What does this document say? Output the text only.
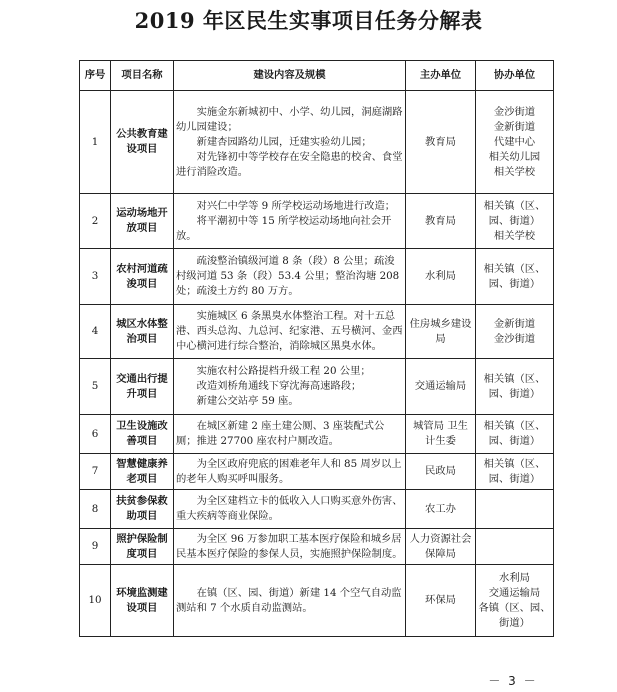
2019 年区民生实事项目任务分解表
序号	项目名称	建设内容及规模	主办单位	协办单位
1	公共教育建设项目	实施金东新城初中、小学、幼儿园，洞庭湖路幼儿园建设；
新建杏园路幼儿园，迁建实验幼儿园；
对先锋初中等学校存在安全隐患的校舍、食堂进行消险改造。	教育局	金沙街道
金新街道
代建中心
相关幼儿园
相关学校

2	运动场地开放项目	对兴仁中学等 9 所学校运动场地进行改造；
将平潮初中等 15 所学校运动场地向社会开放。	教育局	相关镇（区、园、街道）
相关学校

3	农村河道疏浚项目	疏浚整治镇级河道 8 条（段）8 公里；疏浚村级河道 53 条（段）53.4 公里；整治沟塘 208 处；疏浚土方约 80 万方。	水利局	相关镇（区、园、街道）

4	城区水体整治项目	实施城区 6 条黑臭水体整治工程。对十五总港、西头总沟、九总河、纪家港、五号横河、金西中心横河进行综合整治，消除城区黑臭水体。	住房城乡建设局	金新街道
金沙街道

5	交通出行提升项目	实施农村公路提档升级工程 20 公里；
改造刘桥角通线下穿沈海高速路段；
新建公交站亭 59 座。	交通运输局	相关镇（区、园、街道）

6	卫生设施改善项目	在城区新建 2 座土建公厕、3 座装配式公厕；推进 27700 座农村户厕改造。	城管局 卫生计生委	相关镇（区、园、街道）

7	智慧健康养老项目	为全区政府兜底的困难老年人和 85 周岁以上的老年人购买呼叫服务。	民政局	相关镇（区、园、街道）

8	扶贫参保救助项目	为全区建档立卡的低收入人口购买意外伤害、重大疾病等商业保险。	农工办	
9	照护保险制度项目	为全区 96 万参加职工基本医疗保险和城乡居民基本医疗保险的参保人员，实施照护保险制度。	人力资源社会保障局	
10	环境监测建设项目	在镇（区、园、街道）新建 14 个空气自动监测站和 7 个水质自动监测站。	环保局	水利局
交通运输局
各镇（区、园、街道）
－ 3 －
